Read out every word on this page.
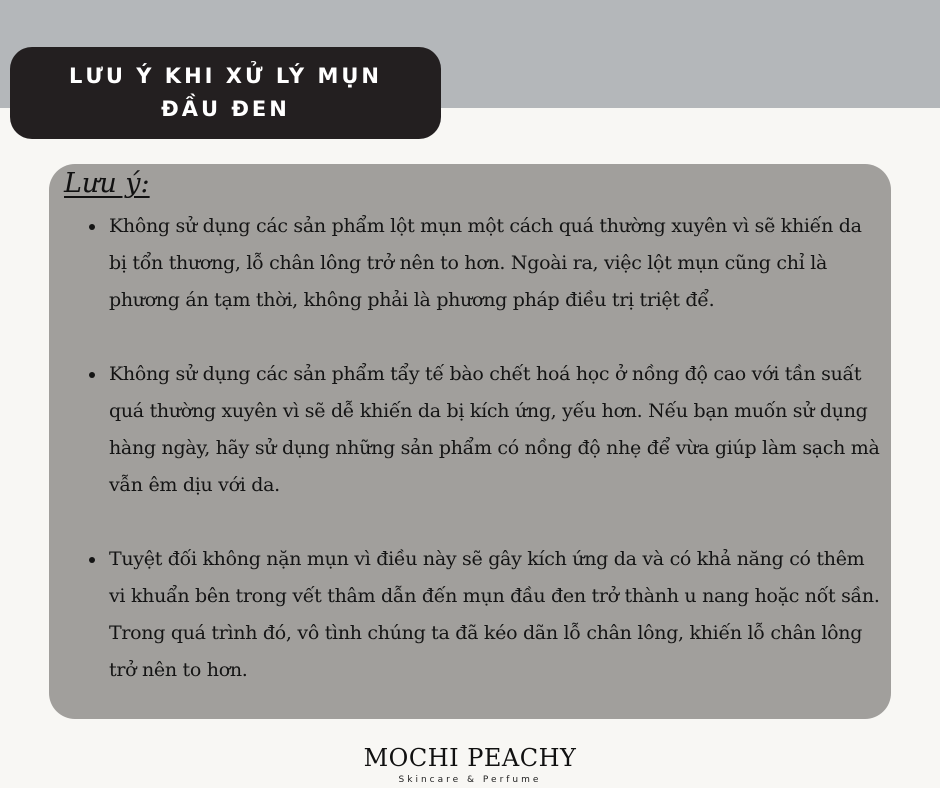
LƯU Ý KHI XỬ LÝ MỤN
ĐẦU ĐEN
Lưu ý:
Không sử dụng các sản phẩm lột mụn một cách quá thường xuyên vì sẽ khiến da bị tổn thương, lỗ chân lông trở nên to hơn. Ngoài ra, việc lột mụn cũng chỉ là phương án tạm thời, không phải là phương pháp điều trị triệt để.
Không sử dụng các sản phẩm tẩy tế bào chết hoá học ở nồng độ cao với tần suất quá thường xuyên vì sẽ dễ khiến da bị kích ứng, yếu hơn. Nếu bạn muốn sử dụng hàng ngày, hãy sử dụng những sản phẩm có nồng độ nhẹ để vừa giúp làm sạch mà vẫn êm dịu với da.
Tuyệt đối không nặn mụn vì điều này sẽ gây kích ứng da và có khả năng có thêm vi khuẩn bên trong vết thâm dẫn đến mụn đầu đen trở thành u nang hoặc nốt sần. Trong quá trình đó, vô tình chúng ta đã kéo dãn lỗ chân lông, khiến lỗ chân lông trở nên to hơn.
MOCHI PEACHY
Skincare & Perfume
